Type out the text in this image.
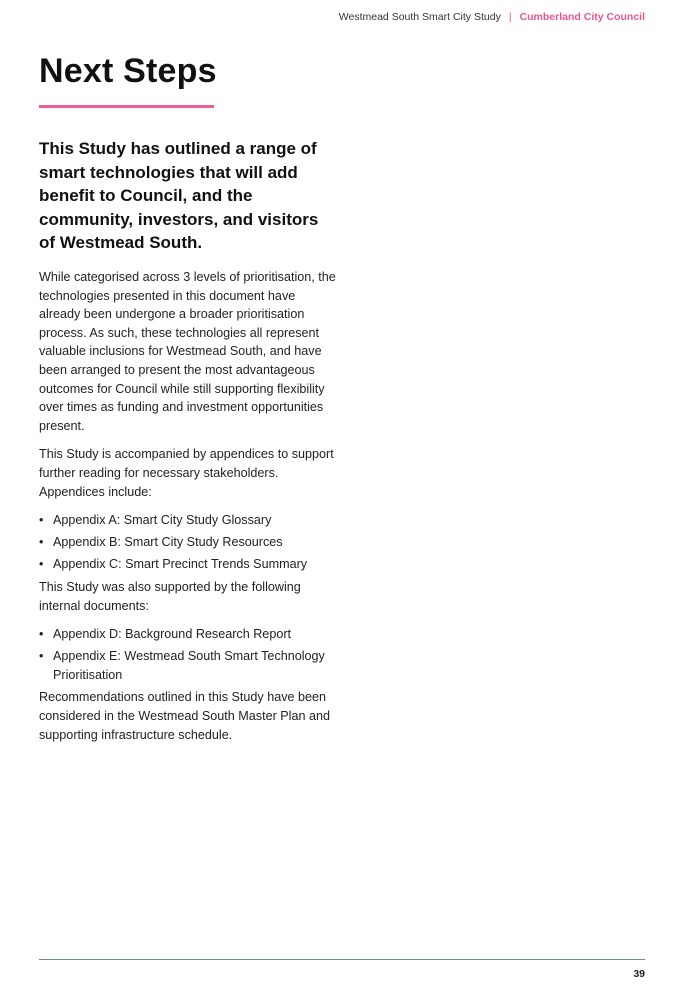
Westmead South Smart City Study | Cumberland City Council
Next Steps

This Study has outlined a range of smart technologies that will add benefit to Council, and the community, investors, and visitors of Westmead South.

While categorised across 3 levels of prioritisation, the technologies presented in this document have already been undergone a broader prioritisation process. As such, these technologies all represent valuable inclusions for Westmead South, and have been arranged to present the most advantageous outcomes for Council while still supporting flexibility over times as funding and investment opportunities present.

This Study is accompanied by appendices to support further reading for necessary stakeholders. Appendices include:

• Appendix A: Smart City Study Glossary
• Appendix B: Smart City Study Resources
• Appendix C: Smart Precinct Trends Summary

This Study was also supported by the following internal documents:

• Appendix D: Background Research Report
• Appendix E: Westmead South Smart Technology Prioritisation

Recommendations outlined in this Study have been considered in the Westmead South Master Plan and supporting infrastructure schedule.

39
